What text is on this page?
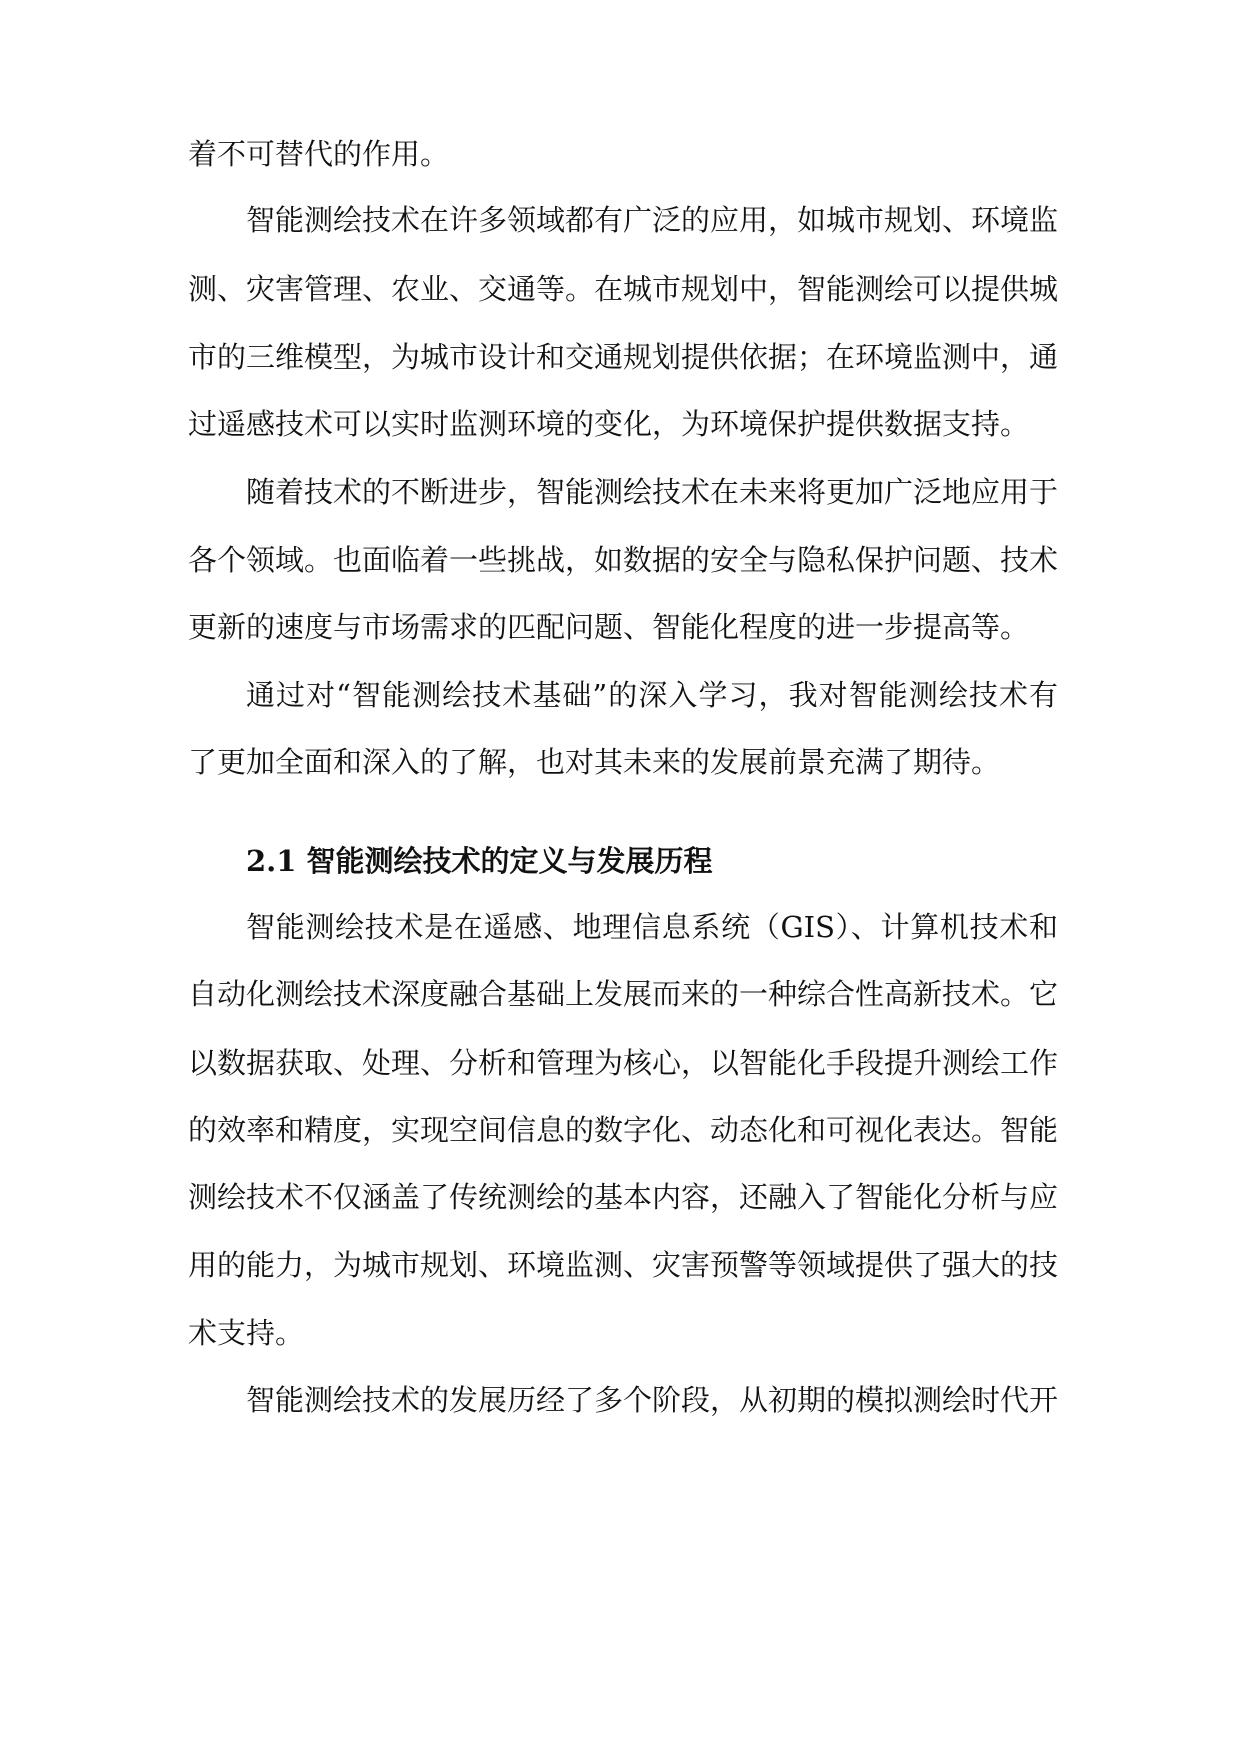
着不可替代的作用。
智能测绘技术在许多领域都有广泛的应用，如城市规划、环境监
测、灾害管理、农业、交通等。在城市规划中，智能测绘可以提供城
市的三维模型，为城市设计和交通规划提供依据；在环境监测中，通
过遥感技术可以实时监测环境的变化，为环境保护提供数据支持。
随着技术的不断进步，智能测绘技术在未来将更加广泛地应用于
各个领域。也面临着一些挑战，如数据的安全与隐私保护问题、技术
更新的速度与市场需求的匹配问题、智能化程度的进一步提高等。
通过对“智能测绘技术基础”的深入学习，我对智能测绘技术有
了更加全面和深入的了解，也对其未来的发展前景充满了期待。
2.1 智能测绘技术的定义与发展历程
智能测绘技术是在遥感、地理信息系统（GIS）、计算机技术和
自动化测绘技术深度融合基础上发展而来的一种综合性高新技术。它
以数据获取、处理、分析和管理为核心，以智能化手段提升测绘工作
的效率和精度，实现空间信息的数字化、动态化和可视化表达。智能
测绘技术不仅涵盖了传统测绘的基本内容，还融入了智能化分析与应
用的能力，为城市规划、环境监测、灾害预警等领域提供了强大的技
术支持。
智能测绘技术的发展历经了多个阶段，从初期的模拟测绘时代开
